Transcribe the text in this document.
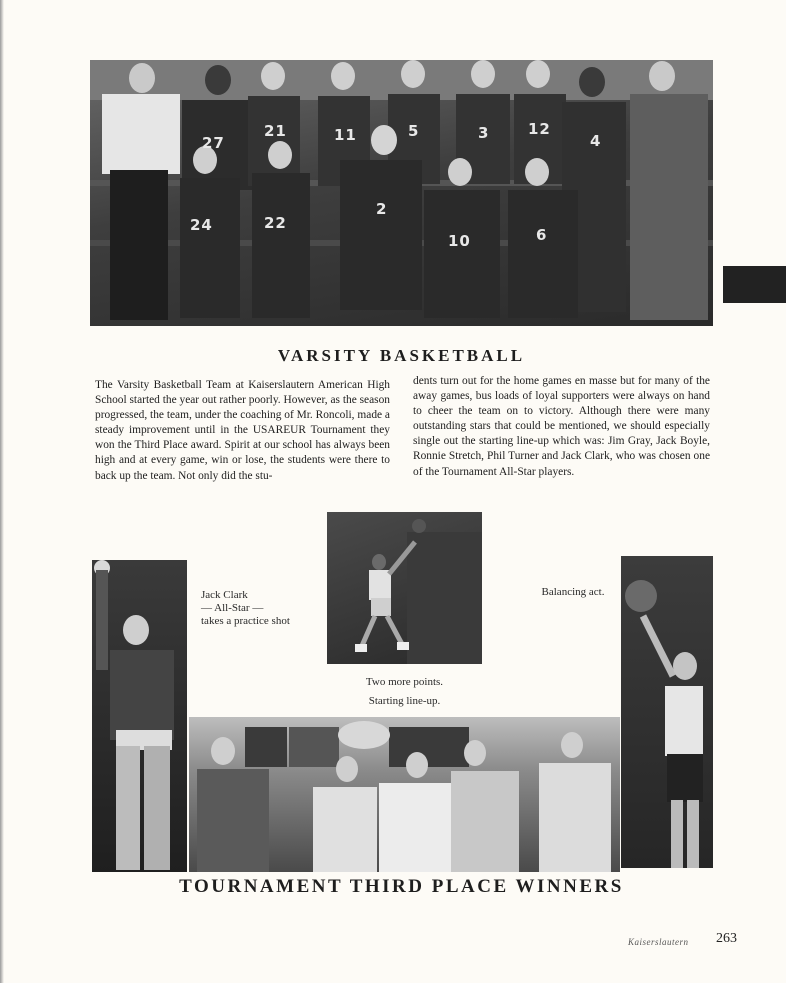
27
21	11	5	3	12
4
24	22
2
10	6
VARSITY BASKETBALL
The Varsity Basketball Team at Kaiserslautern American High School started the year out rather poorly. However, as the season progressed, the team, under the coaching of Mr. Roncoli, made a steady improvement until in the USAREUR Tournament they won the Third Place award. Spirit at our school has always been high and at every game, win or lose, the students were there to back up the team. Not only did the stu-
dents turn out for the home games en masse but for many of the away games, bus loads of loyal supporters were always on hand to cheer the team on to victory. Although there were many outstanding stars that could be mentioned, we should especially single out the starting line-up which was: Jim Gray, Jack Boyle, Ronnie Stretch, Phil Turner and Jack Clark, who was chosen one of the Tournament All-Star players.
Jack Clark
— All-Star —
takes a practice shot
Two more points.
Starting line-up.
Balancing act.
TOURNAMENT THIRD PLACE WINNERS
Kaiserslautern 263
